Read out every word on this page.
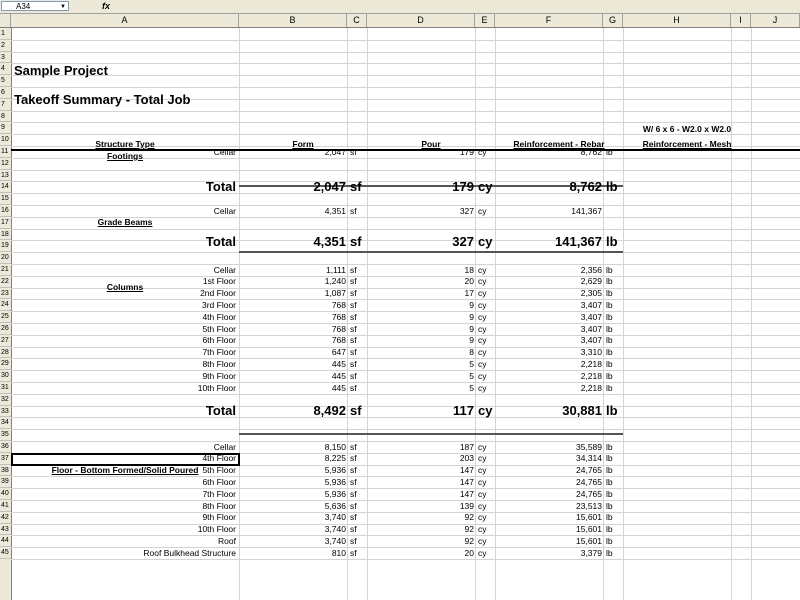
A34	▼	fx
A	B	C	D	E	F	G	H	I	J
1
2
3
4
5
6
7
8
9
10
11
12
13
14
15
16
17
18
19
20
21
22
23
24
25
26
27
28
29
30
31
32
33
34
35
36
37
38
39
40
41
42
43
44
45
Sample Project
Takeoff Summary - Total Job
W/ 6 x 6 - W2.0 x W2.0
Structure Type	Form	Pour	Reinforcement - Rebar	Reinforcement - Mesh
Footings	Cellar	2,047 sf	179 cy	8,762 lb
Total	2,047 sf	179 cy	8,762 lb
Grade Beams
Cellar	4,351 sf	327 cy	141,367
Total	4,351 sf	327 cy	141,367 lb
Columns
Cellar	1,111 sf	18 cy	2,356 lb
1st Floor	1,240 sf	20 cy	2,629 lb
2nd Floor	1,087 sf	17 cy	2,305 lb
3rd Floor	768 sf	9 cy	3,407 lb
4th Floor	768 sf	9 cy	3,407 lb
5th Floor	768 sf	9 cy	3,407 lb
6th Floor	768 sf	9 cy	3,407 lb
7th Floor	647 sf	8 cy	3,310 lb
8th Floor	445 sf	5 cy	2,218 lb
9th Floor	445 sf	5 cy	2,218 lb
10th Floor	445 sf	5 cy	2,218 lb
Total	8,492 sf	117 cy	30,881 lb
Floor - Bottom Formed/Solid Poured
Cellar	8,150 sf	187 cy	35,589 lb
4th Floor	8,225 sf	203 cy	34,314 lb
5th Floor	5,936 sf	147 cy	24,765 lb
6th Floor	5,936 sf	147 cy	24,765 lb
7th Floor	5,936 sf	147 cy	24,765 lb
8th Floor	5,636 sf	139 cy	23,513 lb
9th Floor	3,740 sf	92 cy	15,601 lb
10th Floor	3,740 sf	92 cy	15,601 lb
Roof	3,740 sf	92 cy	15,601 lb
Roof Bulkhead Structure	810 sf	20 cy	3,379 lb
